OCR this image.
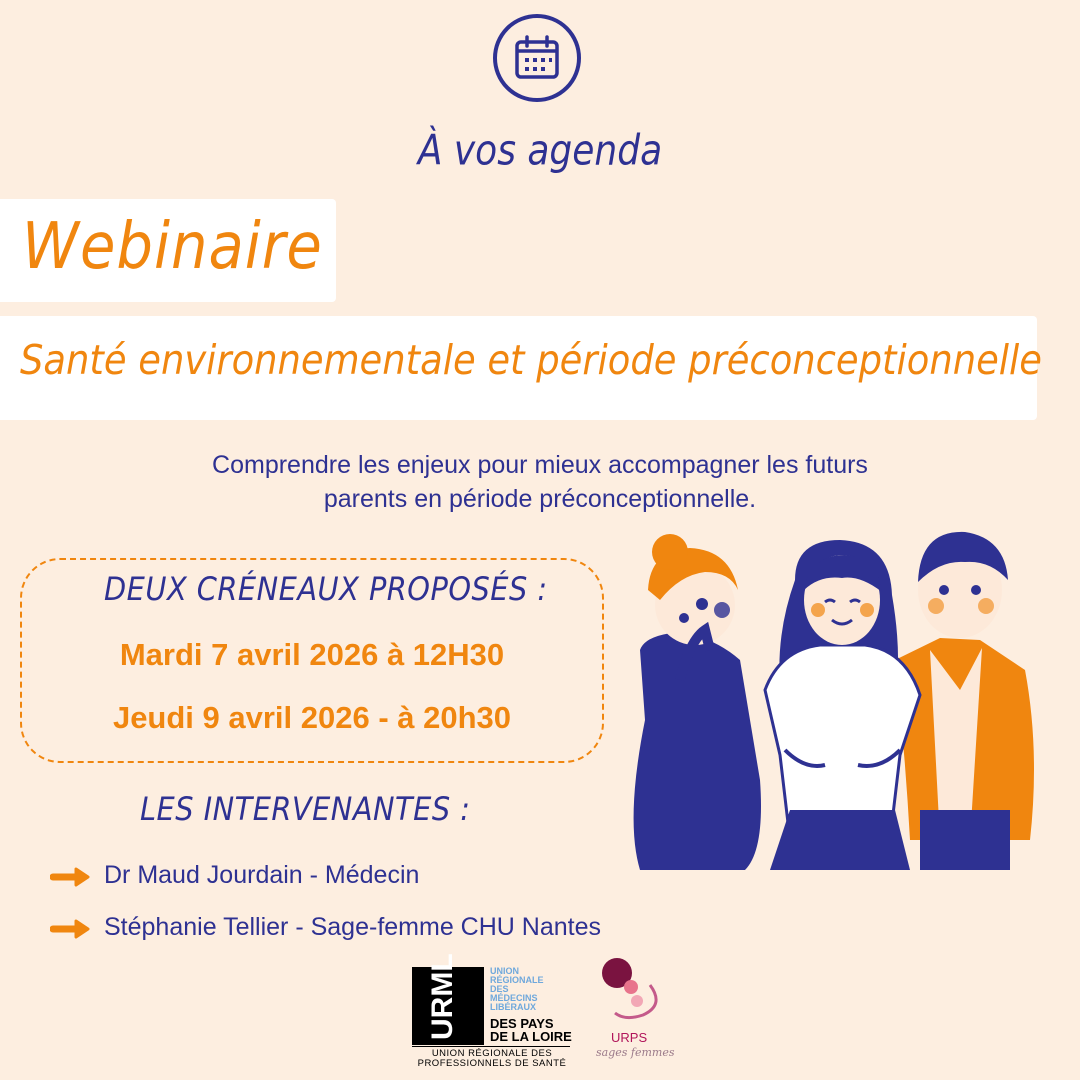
À vos agenda
Webinaire
Santé environnementale et période préconceptionnelle
Comprendre les enjeux pour mieux accompagner les futurs
parents en période préconceptionnelle.
DEUX CRÉNEAUX PROPOSÉS :
Mardi 7 avril 2026 à 12H30
Jeudi 9 avril 2026 - à 20h30
LES INTERVENANTES :
Dr Maud Jourdain - Médecin
Stéphanie Tellier - Sage-femme CHU Nantes
URML	UNION
RÉGIONALE
DES
MÉDECINS
LIBÉRAUX
DES PAYS
DE LA LOIRE
UNION RÉGIONALE DES
PROFESSIONNELS DE SANTÉ
URPS
sages femmes
